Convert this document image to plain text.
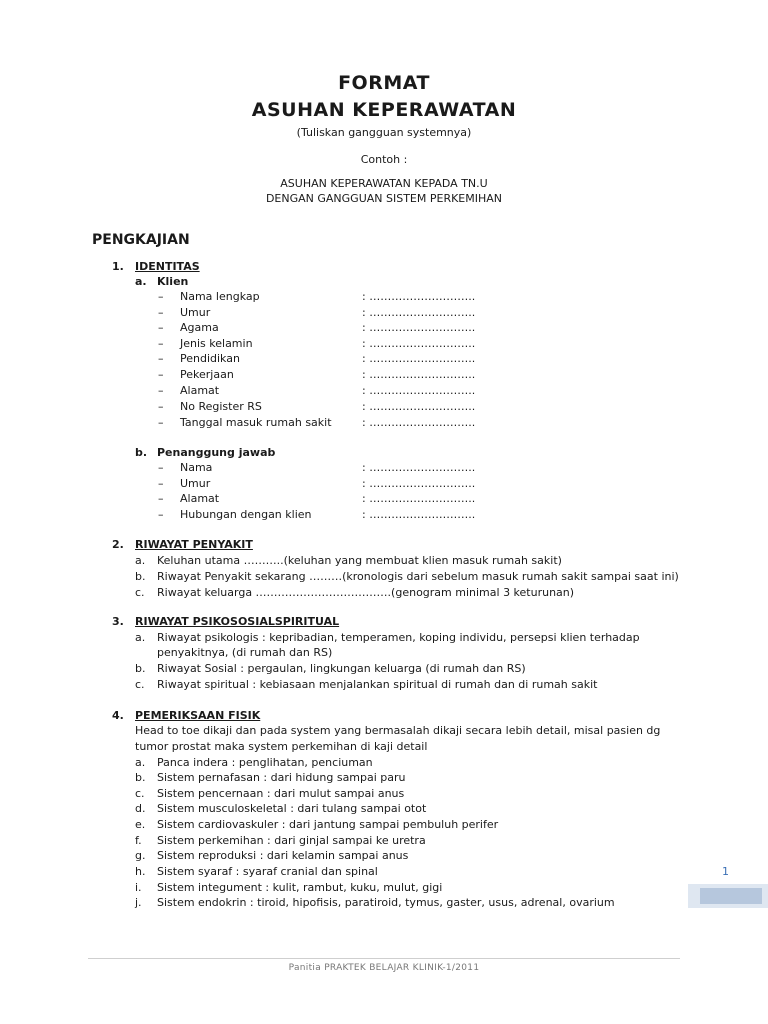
FORMAT
ASUHAN KEPERAWATAN
(Tuliskan gangguan systemnya)
Contoh :
ASUHAN KEPERAWATAN KEPADA TN.U
DENGAN GANGGUAN SISTEM PERKEMIHAN
PENGKAJIAN
1. IDENTITAS
a. Klien
– Nama lengkap	: ………………………..
– Umur	: ………………………..
– Agama	: ………………………..
– Jenis kelamin	: ………………………..
– Pendidikan	: ………………………..
– Pekerjaan	: ………………………..
– Alamat	: ………………………..
– No Register RS	: ………………………..
– Tanggal masuk rumah sakit	: ………………………..
b. Penanggung jawab
– Nama	: ………………………..
– Umur	: ………………………..
– Alamat	: ………………………..
– Hubungan dengan klien	: ………………………..
2. RIWAYAT PENYAKIT
a. Keluhan utama ………..(keluhan yang membuat klien masuk rumah sakit)
b. Riwayat Penyakit sekarang ………(kronologis dari sebelum masuk rumah sakit sampai saat ini)
c. Riwayat keluarga ……………………………….(genogram minimal 3 keturunan)
3. RIWAYAT PSIKOSOSIALSPIRITUAL
a. Riwayat psikologis : kepribadian, temperamen, koping individu, persepsi klien terhadap
penyakitnya, (di rumah dan RS)
b. Riwayat Sosial : pergaulan, lingkungan keluarga (di rumah dan RS)
c. Riwayat spiritual : kebiasaan menjalankan spiritual di rumah dan di rumah sakit
4. PEMERIKSAAN FISIK
Head to toe dikaji dan pada system yang bermasalah dikaji secara lebih detail, misal pasien dg
tumor prostat maka system perkemihan di kaji detail
a. Panca indera : penglihatan, penciuman
b. Sistem pernafasan : dari hidung sampai paru
c. Sistem pencernaan : dari mulut sampai anus
d. Sistem musculoskeletal : dari tulang sampai otot
e. Sistem cardiovaskuler : dari jantung sampai pembuluh perifer
f. Sistem perkemihan : dari ginjal sampai ke uretra
g. Sistem reproduksi : dari kelamin sampai anus
h. Sistem syaraf : syaraf cranial dan spinal
i. Sistem integument : kulit, rambut, kuku, mulut, gigi
j. Sistem endokrin : tiroid, hipofisis, paratiroid, tymus, gaster, usus, adrenal, ovarium
1
Panitia PRAKTEK BELAJAR KLINIK-1/2011
